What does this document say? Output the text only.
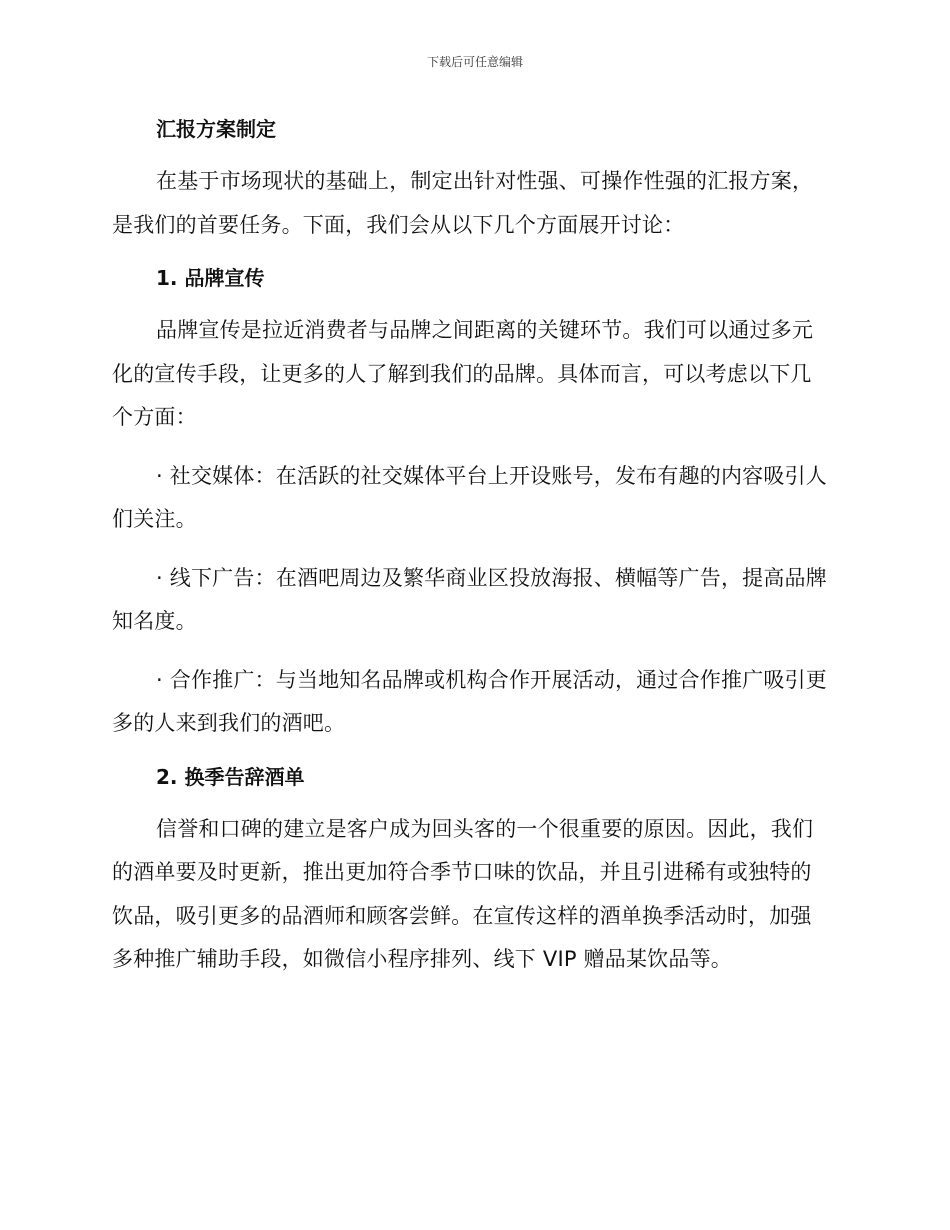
下载后可任意编辑
汇报方案制定

在基于市场现状的基础上，制定出针对性强、可操作性强的汇报方案，是我们的首要任务。下面，我们会从以下几个方面展开讨论：

1. 品牌宣传

品牌宣传是拉近消费者与品牌之间距离的关键环节。我们可以通过多元化的宣传手段，让更多的人了解到我们的品牌。具体而言，可以考虑以下几个方面：

· 社交媒体：在活跃的社交媒体平台上开设账号，发布有趣的内容吸引人们关注。

· 线下广告：在酒吧周边及繁华商业区投放海报、横幅等广告，提高品牌知名度。

· 合作推广：与当地知名品牌或机构合作开展活动，通过合作推广吸引更多的人来到我们的酒吧。

2. 换季告辞酒单

信誉和口碑的建立是客户成为回头客的一个很重要的原因。因此，我们的酒单要及时更新，推出更加符合季节口味的饮品，并且引进稀有或独特的饮品，吸引更多的品酒师和顾客尝鲜。在宣传这样的酒单换季活动时，加强多种推广辅助手段，如微信小程序排列、线下 VIP 赠品某饮品等。
